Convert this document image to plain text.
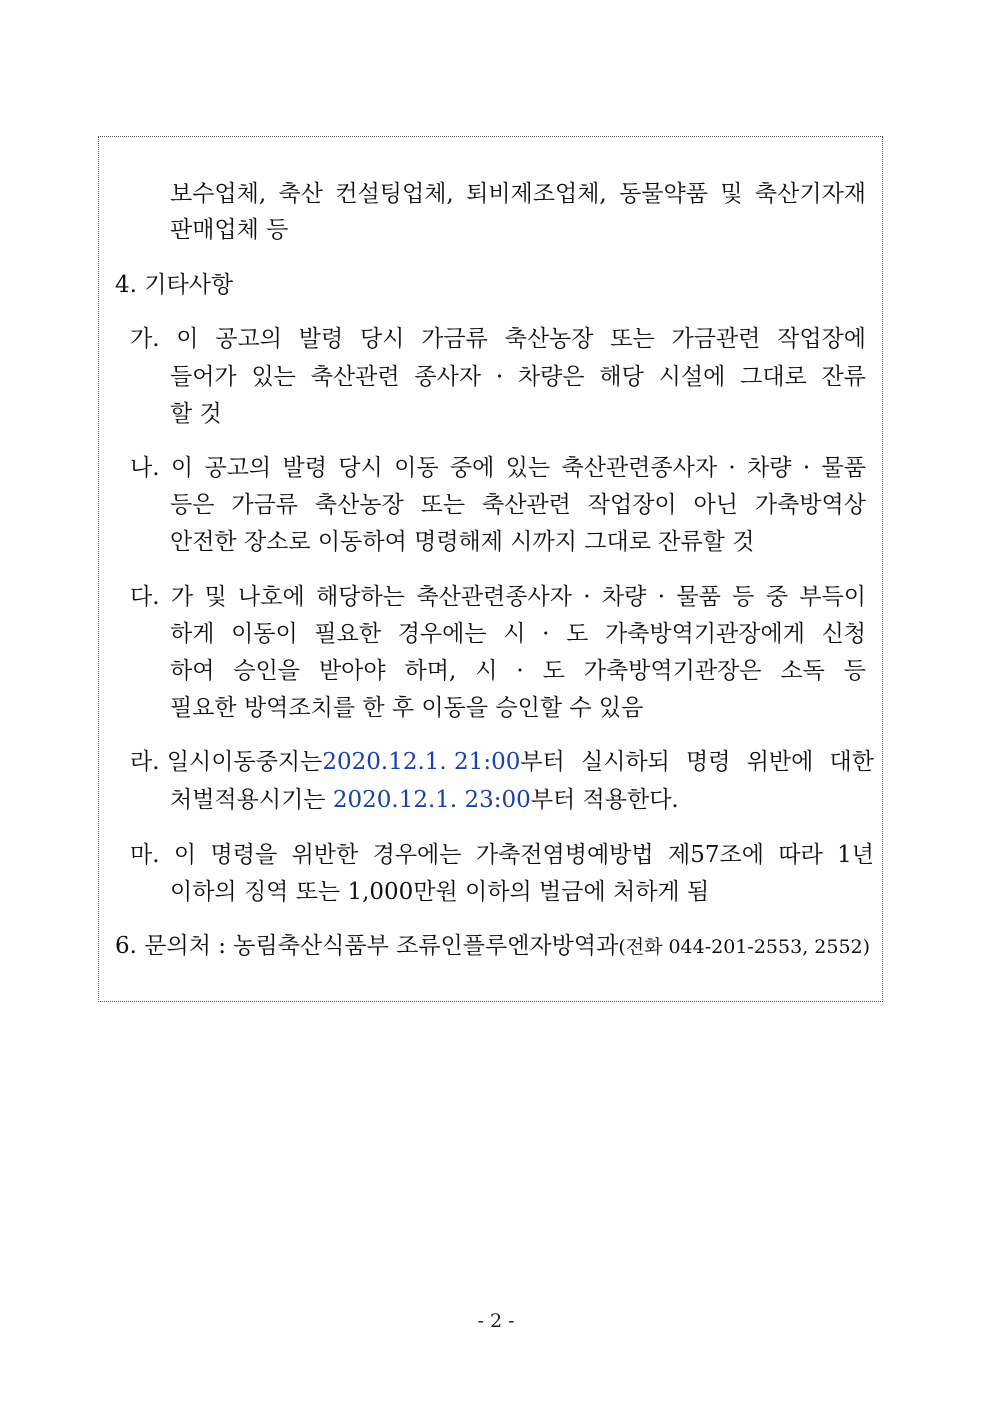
보수업체, 축산 컨설팅업체, 퇴비제조업체, 동물약품 및 축산기자재
판매업체 등
4. 기타사항
가. 이 공고의 발령 당시 가금류 축산농장 또는 가금관련 작업장에
들어가 있는 축산관련 종사자 · 차량은 해당 시설에 그대로 잔류
할 것
나. 이 공고의 발령 당시 이동 중에 있는 축산관련종사자 · 차량 · 물품
등은 가금류 축산농장 또는 축산관련 작업장이 아닌 가축방역상
안전한 장소로 이동하여 명령해제 시까지 그대로 잔류할 것
다. 가 및 나호에 해당하는 축산관련종사자 · 차량 · 물품 등 중 부득이
하게 이동이 필요한 경우에는 시 · 도 가축방역기관장에게 신청
하여 승인을 받아야 하며, 시 · 도 가축방역기관장은 소독 등
필요한 방역조치를 한 후 이동을 승인할 수 있음
라. 일시이동중지는 2020.12.1. 21:00 부터 실시하되 명령 위반에 대한
처벌적용시기는 2020.12.1. 23:00부터 적용한다.
마. 이 명령을 위반한 경우에는 가축전염병예방법 제57조에 따라 1년
이하의 징역 또는 1,000만원 이하의 벌금에 처하게 됨
6. 문의처 : 농림축산식품부 조류인플루엔자방역과(전화 044-201-2553, 2552)
- 2 -
